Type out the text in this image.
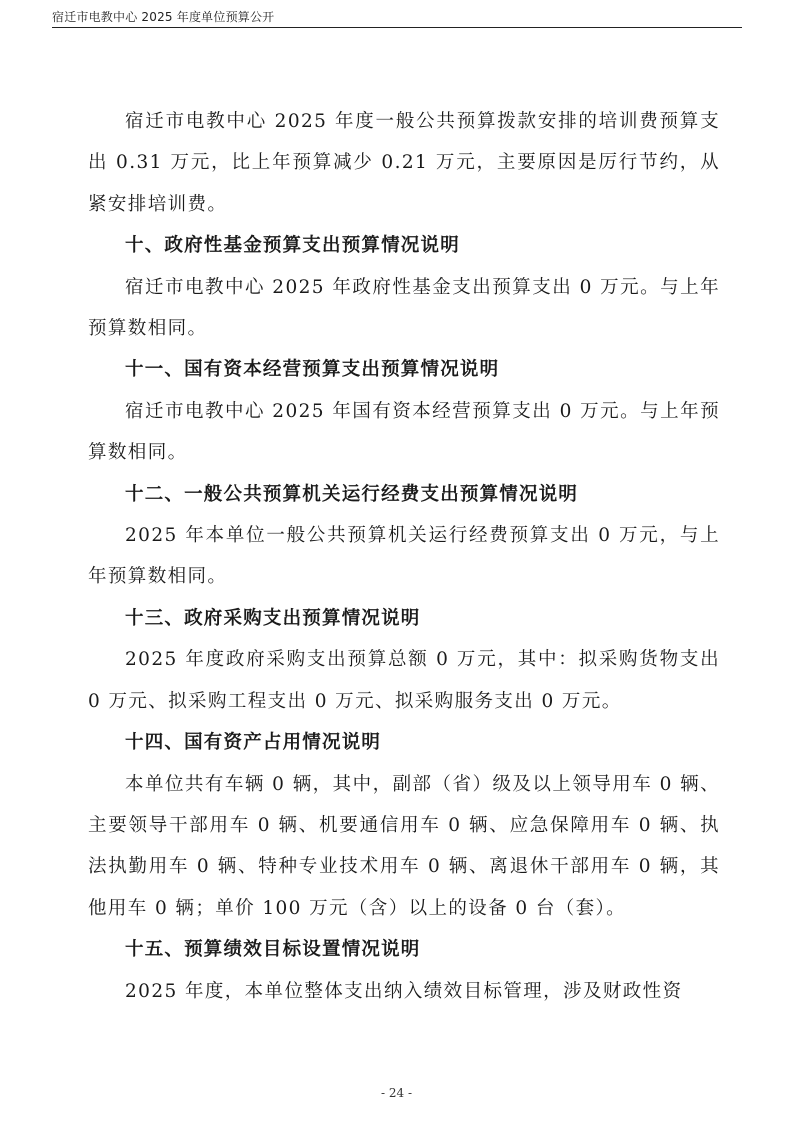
宿迁市电教中心 2025 年度单位预算公开

宿迁市电教中心 2025 年度一般公共预算拨款安排的培训费预算支出 0.31 万元，比上年预算减少 0.21 万元，主要原因是厉行节约，从紧安排培训费。

十、政府性基金预算支出预算情况说明

宿迁市电教中心 2025 年政府性基金支出预算支出 0 万元。与上年预算数相同。

十一、国有资本经营预算支出预算情况说明

宿迁市电教中心 2025 年国有资本经营预算支出 0 万元。与上年预算数相同。

十二、一般公共预算机关运行经费支出预算情况说明

2025 年本单位一般公共预算机关运行经费预算支出 0 万元，与上年预算数相同。

十三、政府采购支出预算情况说明

2025 年度政府采购支出预算总额 0 万元，其中：拟采购货物支出 0 万元、拟采购工程支出 0 万元、拟采购服务支出 0 万元。

十四、国有资产占用情况说明

本单位共有车辆 0 辆，其中，副部（省）级及以上领导用车 0 辆、主要领导干部用车 0 辆、机要通信用车 0 辆、应急保障用车 0 辆、执法执勤用车 0 辆、特种专业技术用车 0 辆、离退休干部用车 0 辆，其他用车 0 辆；单价 100 万元（含）以上的设备 0 台（套）。

十五、预算绩效目标设置情况说明

2025 年度，本单位整体支出纳入绩效目标管理，涉及财政性资

- 24 -
